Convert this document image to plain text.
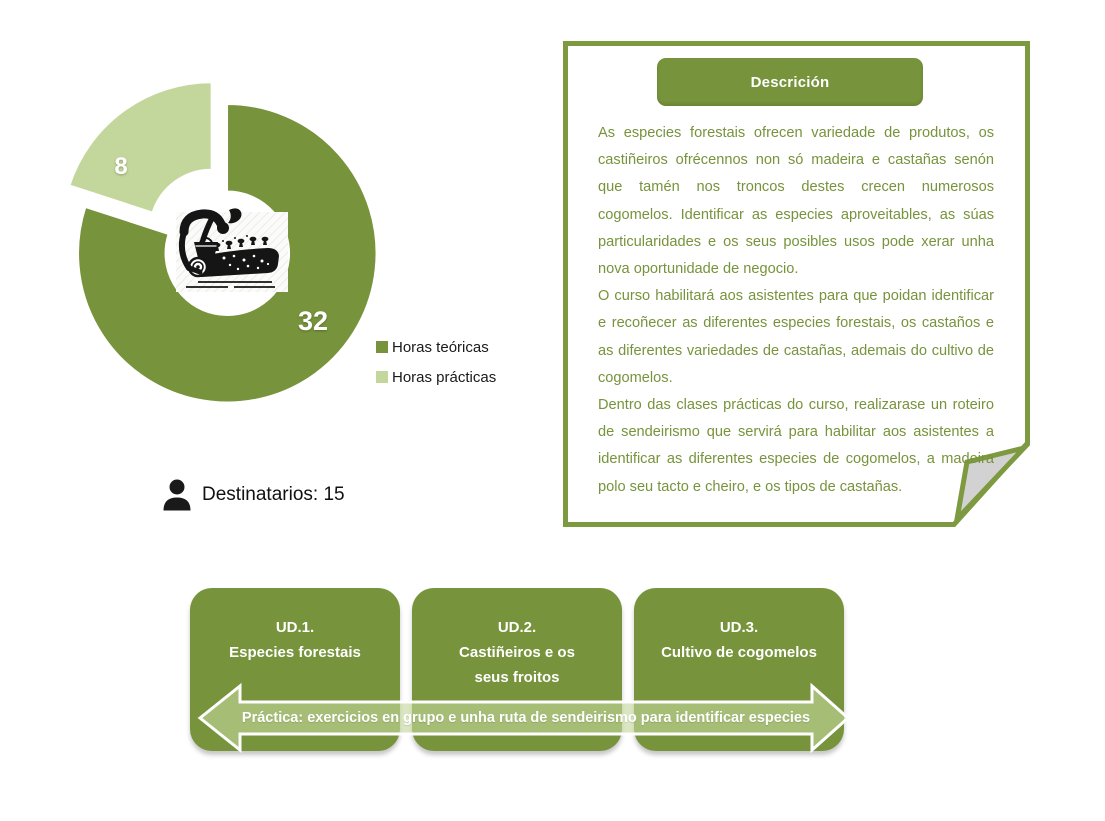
32
8
Horas teóricas
Horas prácticas
Destinatarios: 15
Descrición

As especies forestais ofrecen variedade de produtos, os castiñeiros ofrécennos non só madeira e castañas senón que tamén nos troncos destes crecen numerosos cogomelos. Identificar as especies aproveitables, as súas particularidades e os seus posibles usos pode xerar unha nova oportunidade de negocio.

O curso habilitará aos asistentes para que poidan identificar e recoñecer as diferentes especies forestais, os castaños e as diferentes variedades de castañas, ademais do cultivo de cogomelos.

Dentro das clases prácticas do curso, realizarase un roteiro de sendeirismo que servirá para habilitar aos asistentes a identificar as diferentes especies de cogomelos, a madeira polo seu tacto e cheiro, e os tipos de castañas.

UD.1.
Especies forestais
UD.2.
Castiñeiros e os
seus froitos
UD.3.
Cultivo de cogomelos
Práctica: exercicios en grupo e unha ruta de sendeirismo para identificar especies
